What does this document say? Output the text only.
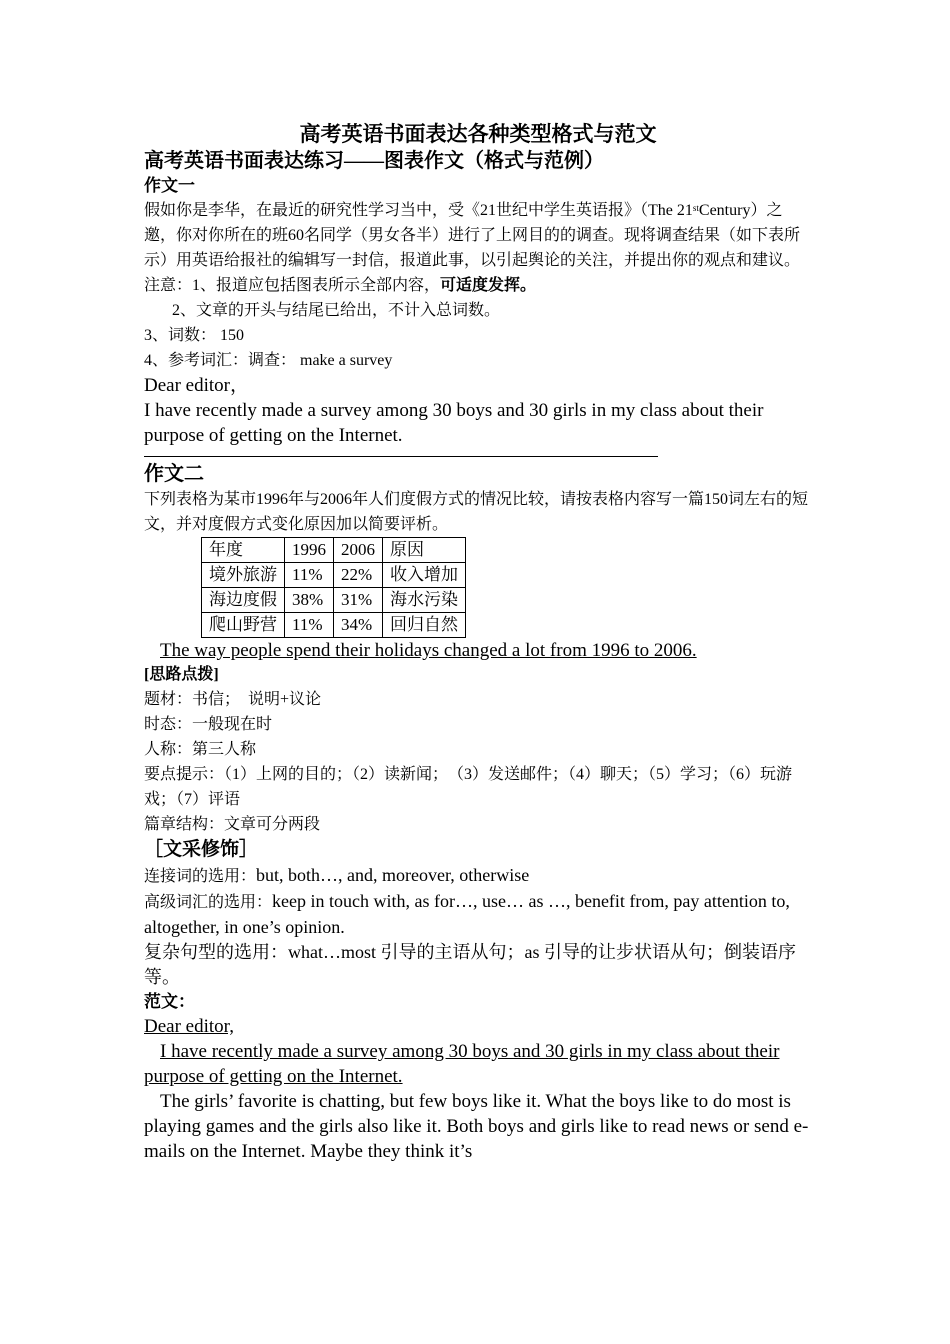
高考英语书面表达各种类型格式与范文

高考英语书面表达练习——图表作文（格式与范例）

作文一

假如你是李华，在最近的研究性学习当中，受《21世纪中学生英语报》（The 21stCentury）之邀，你对你所在的班60名同学（男女各半）进行了上网目的的调查。现将调查结果（如下表所示）用英语给报社的编辑写一封信，报道此事，以引起舆论的关注，并提出你的观点和建议。

注意：1、报道应包括图表所示全部内容，可适度发挥。

2、文章的开头与结尾已给出，不计入总词数。

3、词数： 150

4、参考词汇：调查： make a survey

Dear editor，

I have recently made a survey among 30 boys and 30 girls in my class about their purpose of getting on the Internet.

作文二

下列表格为某市1996年与2006年人们度假方式的情况比较，请按表格内容写一篇150词左右的短文，并对度假方式变化原因加以简要评析。

年度	1996	2006	原因
境外旅游	11%	22%	收入增加
海边度假	38%	31%	海水污染
爬山野营	11%	34%	回归自然

The way people spend their holidays changed a lot from 1996 to 2006.

[思路点拨]

题材：书信；　说明+议论

时态：一般现在时

人称：第三人称

要点提示：（1）上网的目的；（2）读新闻；　（3）发送邮件；（4）聊天；（5）学习；（6）玩游戏；（7）评语

篇章结构：文章可分两段

［文采修饰］

连接词的选用：but, both…, and, moreover, otherwise

高级词汇的选用：keep in touch with, as for…, use… as …, benefit from, pay attention to, altogether, in one’s opinion.

复杂句型的选用：what…most 引导的主语从句；as 引导的让步状语从句；倒装语序等。

范文：

Dear editor,

I have recently made a survey among 30 boys and 30 girls in my class about their purpose of getting on the Internet.

The girls’ favorite is chatting, but few boys like it. What the boys like to do most is playing games and the girls also like it. Both boys and girls like to read news or send e-mails on the Internet. Maybe they think it’s
